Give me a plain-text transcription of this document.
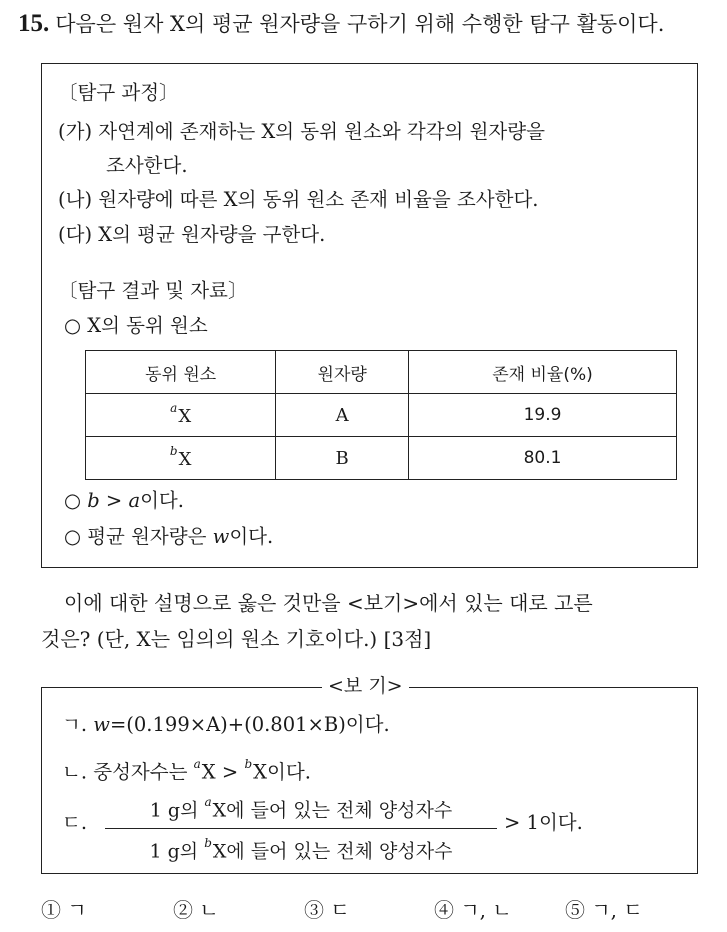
15. 다음은 원자 X의 평균 원자량을 구하기 위해 수행한 탐구 활동이다.
〔탐구 과정〕
(가) 자연계에 존재하는 X의 동위 원소와 각각의 원자량을
조사한다.
(나) 원자량에 따른 X의 동위 원소 존재 비율을 조사한다.
(다) X의 평균 원자량을 구한다.
〔탐구 결과 및 자료〕
○ X의 동위 원소
동위 원소	원자량	존재 비율(%)
$^a$X	A	19.9
$^b$X	B	80.1
○ b > a이다.
○ 평균 원자량은 w이다.
이에 대한 설명으로 옳은 것만을 <보기>에서 있는 대로 고른
것은? (단, X는 임의의 원소 기호이다.) [3점]
<보 기>
ㄱ. w=(0.199×A)+(0.801×B)이다.
ㄴ. 중성자수는 $^a$X > $^b$X이다.
ㄷ.
1 g의 $^a$X에 들어 있는 전체 양성자수
1 g의 $^b$X에 들어 있는 전체 양성자수
> 1이다.
① ㄱ	② ㄴ	③ ㄷ	④ ㄱ, ㄴ	⑤ ㄱ, ㄷ
